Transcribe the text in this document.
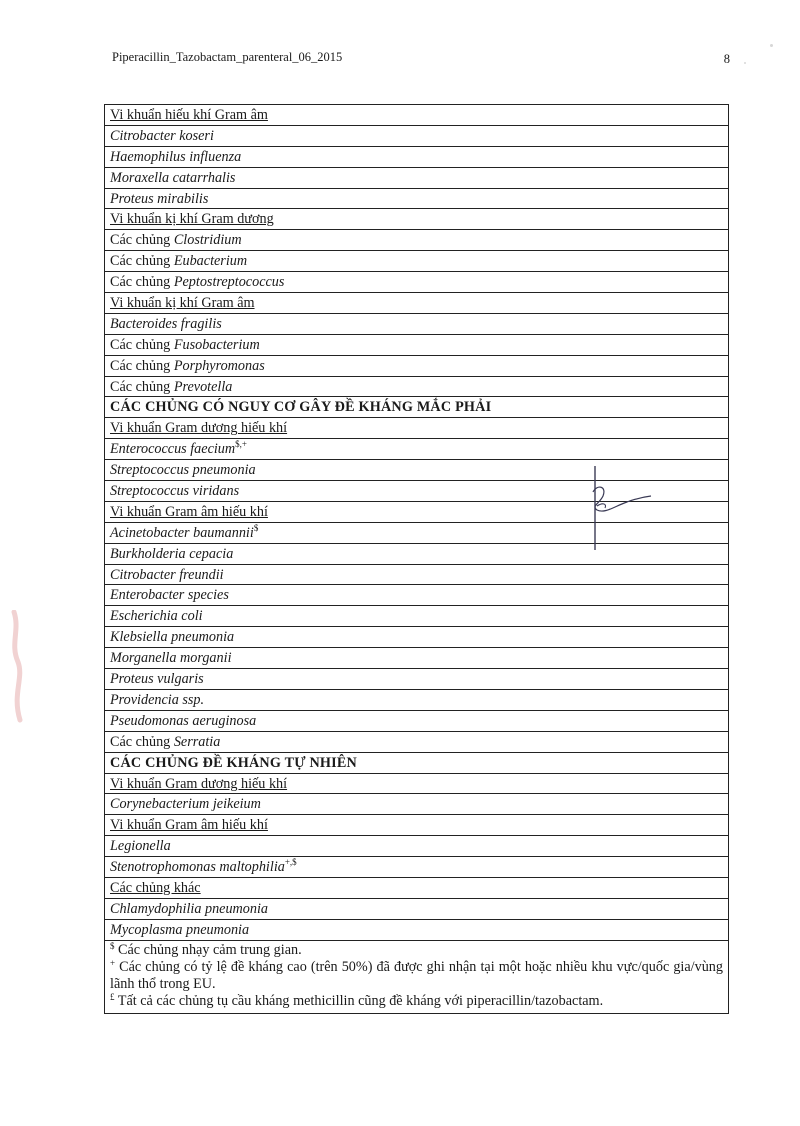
Piperacillin_Tazobactam_parenteral_06_2015	8
Vi khuẩn hiếu khí Gram âm
Citrobacter koseri
Haemophilus influenza
Moraxella catarrhalis
Proteus mirabilis
Vi khuẩn kị khí Gram dương
Các chủng Clostridium
Các chủng Eubacterium
Các chủng Peptostreptococcus
Vi khuẩn kị khí Gram âm
Bacteroides fragilis
Các chủng Fusobacterium
Các chủng Porphyromonas
Các chủng Prevotella
CÁC CHỦNG CÓ NGUY CƠ GÂY ĐỀ KHÁNG MẮC PHẢI
Vi khuẩn Gram dương hiếu khí
Enterococcus faecium$,+
Streptococcus pneumonia
Streptococcus viridans
Vi khuẩn Gram âm hiếu khí
Acinetobacter baumannii$
Burkholderia cepacia
Citrobacter freundii
Enterobacter species
Escherichia coli
Klebsiella pneumonia
Morganella morganii
Proteus vulgaris
Providencia ssp.
Pseudomonas aeruginosa
Các chủng Serratia
CÁC CHỦNG ĐỀ KHÁNG TỰ NHIÊN
Vi khuẩn Gram dương hiếu khí
Corynebacterium jeikeium
Vi khuẩn Gram âm hiếu khí
Legionella
Stenotrophomonas maltophilia+,$
Các chủng khác
Chlamydophilia pneumonia
Mycoplasma pneumonia
$ Các chủng nhạy cảm trung gian.
+ Các chủng có tỷ lệ đề kháng cao (trên 50%) đã được ghi nhận tại một hoặc nhiều khu vực/quốc gia/vùng lãnh thổ trong EU.
£ Tất cả các chủng tụ cầu kháng methicillin cũng đề kháng với piperacillin/tazobactam.
